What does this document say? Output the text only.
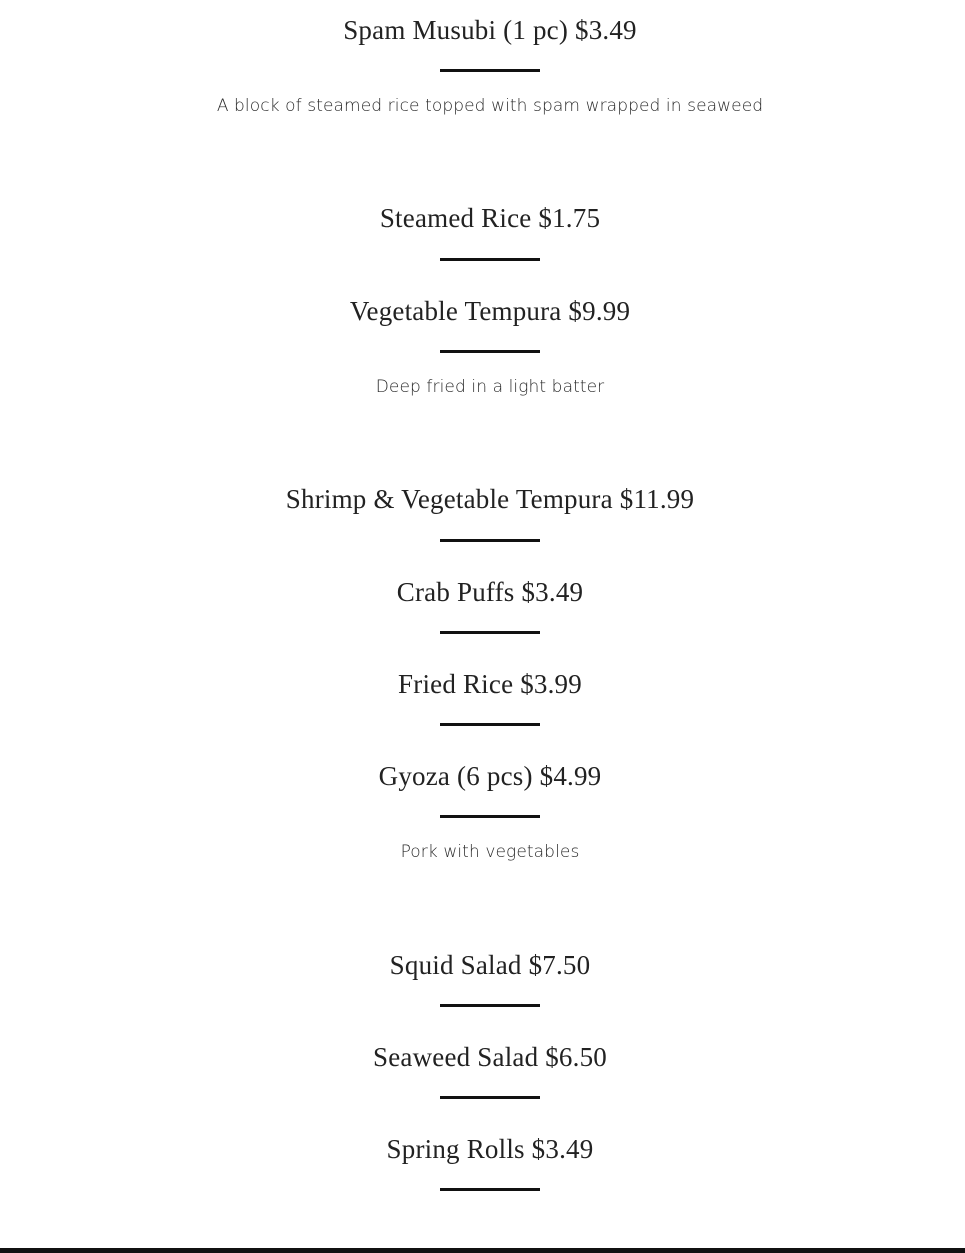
Spam Musubi (1 pc) $3.49
A block of steamed rice topped with spam wrapped in seaweed
Steamed Rice $1.75
Vegetable Tempura $9.99
Deep fried in a light batter
Shrimp & Vegetable Tempura $11.99
Crab Puffs $3.49
Fried Rice $3.99
Gyoza (6 pcs) $4.99
Pork with vegetables
Squid Salad $7.50
Seaweed Salad $6.50
Spring Rolls $3.49
